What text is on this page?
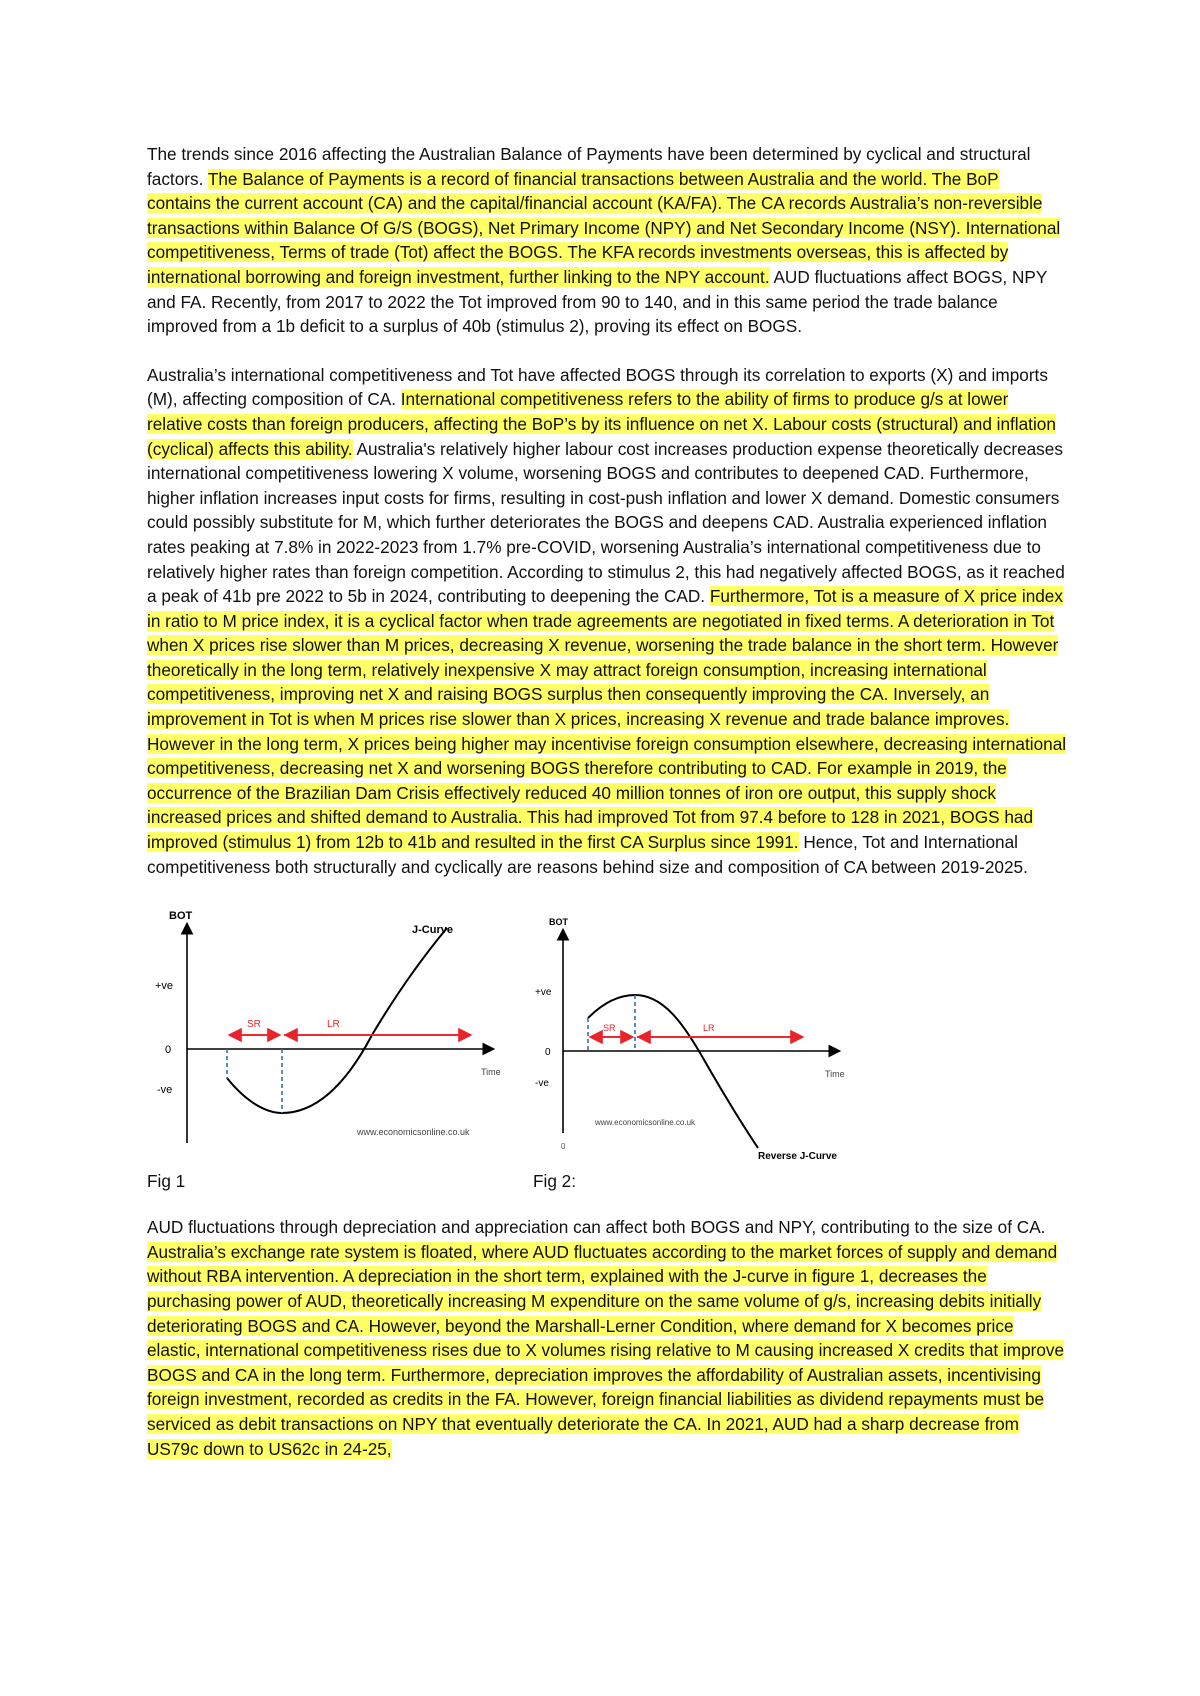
The trends since 2016 affecting the Australian Balance of Payments have been determined by cyclical and structural factors. The Balance of Payments is a record of financial transactions between Australia and the world. The BoP contains the current account (CA) and the capital/financial account (KA/FA). The CA records Australia’s non-reversible transactions within Balance Of G/S (BOGS), Net Primary Income (NPY) and Net Secondary Income (NSY). International competitiveness, Terms of trade (Tot) affect the BOGS. The KFA records investments overseas, this is affected by international borrowing and foreign investment, further linking to the NPY account. AUD fluctuations affect BOGS, NPY and FA. Recently, from 2017 to 2022 the Tot improved from 90 to 140, and in this same period the trade balance improved from a 1b deficit to a surplus of 40b (stimulus 2), proving its effect on BOGS.

Australia’s international competitiveness and Tot have affected BOGS through its correlation to exports (X) and imports (M), affecting composition of CA. International competitiveness refers to the ability of firms to produce g/s at lower relative costs than foreign producers, affecting the BoP’s by its influence on net X. Labour costs (structural) and inflation (cyclical) affects this ability. Australia's relatively higher labour cost increases production expense theoretically decreases international competitiveness lowering X volume, worsening BOGS and contributes to deepened CAD. Furthermore, higher inflation increases input costs for firms, resulting in cost-push inflation and lower X demand. Domestic consumers could possibly substitute for M, which further deteriorates the BOGS and deepens CAD. Australia experienced inflation rates peaking at 7.8% in 2022-2023 from 1.7% pre-COVID, worsening Australia’s international competitiveness due to relatively higher rates than foreign competition. According to stimulus 2, this had negatively affected BOGS, as it reached a peak of 41b pre 2022 to 5b in 2024, contributing to deepening the CAD. Furthermore, Tot is a measure of X price index in ratio to M price index, it is a cyclical factor when trade agreements are negotiated in fixed terms. A deterioration in Tot when X prices rise slower than M prices, decreasing X revenue, worsening the trade balance in the short term. However theoretically in the long term, relatively inexpensive X may attract foreign consumption, increasing international competitiveness, improving net X and raising BOGS surplus then consequently improving the CA. Inversely, an improvement in Tot is when M prices rise slower than X prices, increasing X revenue and trade balance improves. However in the long term, X prices being higher may incentivise foreign consumption elsewhere, decreasing international competitiveness, decreasing net X and worsening BOGS therefore contributing to CAD. For example in 2019, the occurrence of the Brazilian Dam Crisis effectively reduced 40 million tonnes of iron ore output, this supply shock increased prices and shifted demand to Australia. This had improved Tot from 97.4 before to 128 in 2021, BOGS had improved (stimulus 1) from 12b to 41b and resulted in the first CA Surplus since 1991. Hence, Tot and International competitiveness both structurally and cyclically are reasons behind size and composition of CA between 2019-2025.

BOT
+ve
0
-ve
Time
J-Curve
SR	LR
www.economicsonline.co.uk
Fig 1
BOT
+ve
0
-ve
0
Time
Reverse J-Curve
SR	LR
www.economicsonline.co.uk
Fig 2:

AUD fluctuations through depreciation and appreciation can affect both BOGS and NPY, contributing to the size of CA. Australia’s exchange rate system is floated, where AUD fluctuates according to the market forces of supply and demand without RBA intervention. A depreciation in the short term, explained with the J-curve in figure 1, decreases the purchasing power of AUD, theoretically increasing M expenditure on the same volume of g/s, increasing debits initially deteriorating BOGS and CA. However, beyond the Marshall-Lerner Condition, where demand for X becomes price elastic, international competitiveness rises due to X volumes rising relative to M causing increased X credits that improve BOGS and CA in the long term. Furthermore, depreciation improves the affordability of Australian assets, incentivising foreign investment, recorded as credits in the FA. However, foreign financial liabilities as dividend repayments must be serviced as debit transactions on NPY that eventually deteriorate the CA. In 2021, AUD had a sharp decrease from US79c down to US62c in 24-25,
